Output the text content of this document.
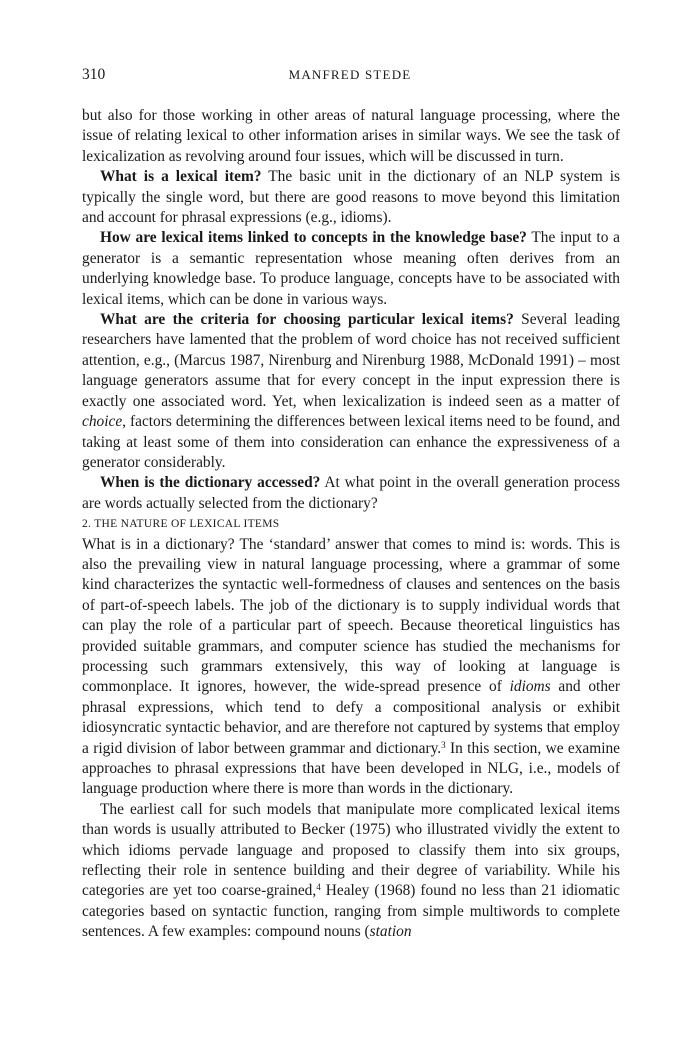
310	MANFRED STEDE

but also for those working in other areas of natural language processing, where the issue of relating lexical to other information arises in similar ways. We see the task of lexicalization as revolving around four issues, which will be discussed in turn.

What is a lexical item? The basic unit in the dictionary of an NLP system is typically the single word, but there are good reasons to move beyond this limitation and account for phrasal expressions (e.g., idioms).

How are lexical items linked to concepts in the knowledge base? The input to a generator is a semantic representation whose meaning often derives from an underlying knowledge base. To produce language, concepts have to be associated with lexical items, which can be done in various ways.

What are the criteria for choosing particular lexical items? Several leading researchers have lamented that the problem of word choice has not received sufficient attention, e.g., (Marcus 1987, Nirenburg and Nirenburg 1988, McDonald 1991) – most language generators assume that for every concept in the input expression there is exactly one associated word. Yet, when lexicalization is indeed seen as a matter of choice, factors determining the differences between lexical items need to be found, and taking at least some of them into consideration can enhance the expressiveness of a generator considerably.

When is the dictionary accessed? At what point in the overall generation process are words actually selected from the dictionary?

2. THE NATURE OF LEXICAL ITEMS

What is in a dictionary? The ‘standard’ answer that comes to mind is: words. This is also the prevailing view in natural language processing, where a grammar of some kind characterizes the syntactic well-formedness of clauses and sentences on the basis of part-of-speech labels. The job of the dictionary is to supply individual words that can play the role of a particular part of speech. Because theoretical linguistics has provided suitable grammars, and computer science has studied the mechanisms for processing such grammars extensively, this way of looking at language is commonplace. It ignores, however, the wide-spread presence of idioms and other phrasal expressions, which tend to defy a compositional analysis or exhibit idiosyncratic syntactic behavior, and are therefore not captured by systems that employ a rigid division of labor between grammar and dictionary.$^3$ In this section, we examine approaches to phrasal expressions that have been developed in NLG, i.e., models of language production where there is more than words in the dictionary.

The earliest call for such models that manipulate more complicated lexical items than words is usually attributed to Becker (1975) who illustrated vividly the extent to which idioms pervade language and proposed to classify them into six groups, reflecting their role in sentence building and their degree of variability. While his categories are yet too coarse-grained,$^4$ Healey (1968) found no less than 21 idiomatic categories based on syntactic function, ranging from simple multiwords to complete sentences. A few examples: compound nouns (station
